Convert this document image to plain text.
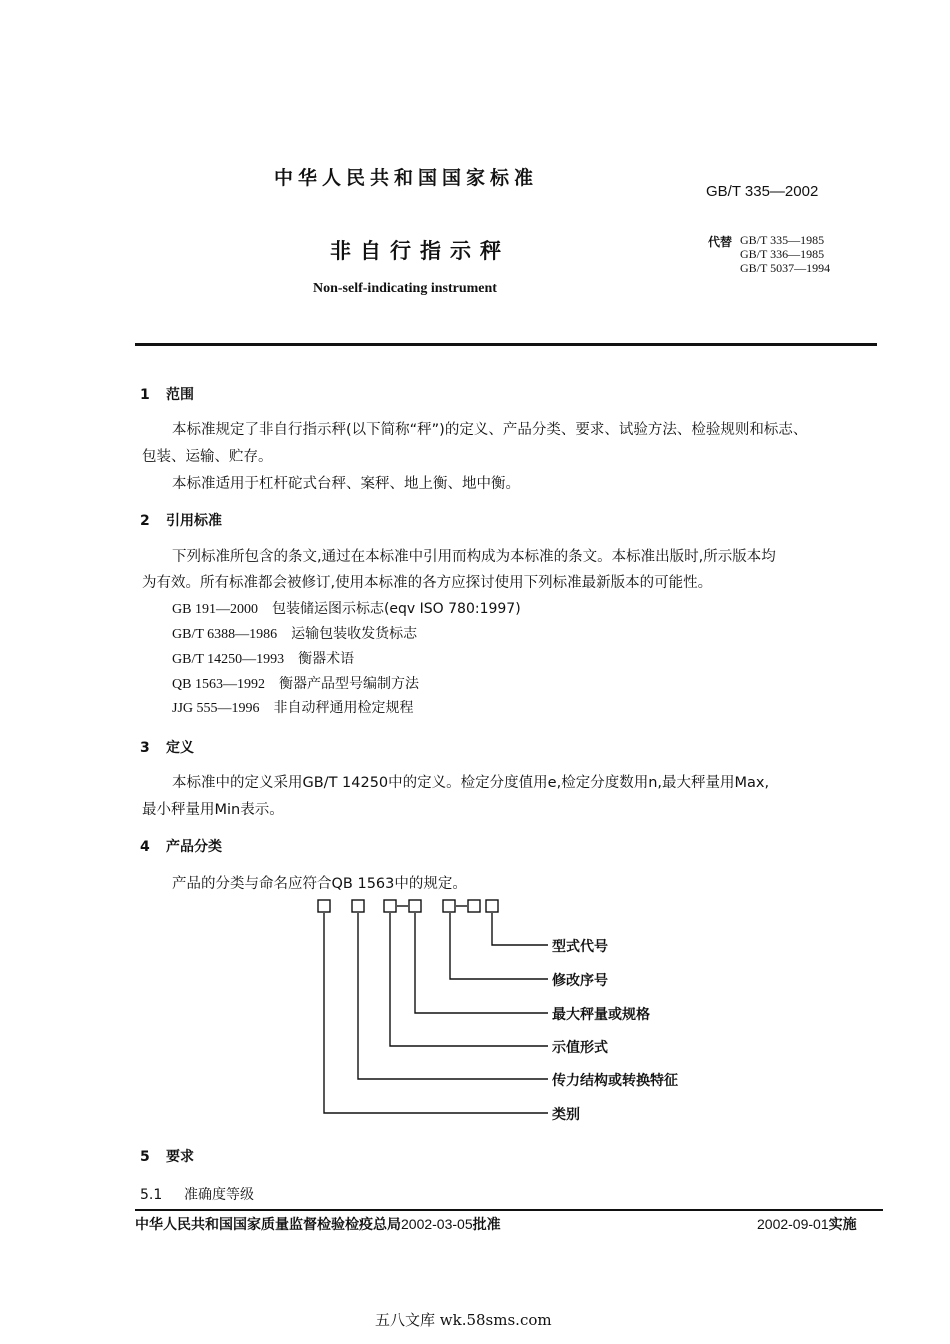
中华人民共和国国家标准
GB/T 335—2002
非自行指示秤
Non-self-indicating instrument
代替 GB/T 335—1985
GB/T 336—1985
GB/T 5037—1994
1 范围
本标准规定了非自行指示秤(以下简称“秤”)的定义、产品分类、要求、试验方法、检验规则和标志、
包装、运输、贮存。
本标准适用于杠杆砣式台秤、案秤、地上衡、地中衡。
2 引用标准
下列标准所包含的条文,通过在本标准中引用而构成为本标准的条文。本标准出版时,所示版本均
为有效。所有标准都会被修订,使用本标准的各方应探讨使用下列标准最新版本的可能性。
GB 191—2000 包装储运图示标志(eqv ISO 780:1997)
GB/T 6388—1986 运输包装收发货标志
GB/T 14250—1993 衡器术语
QB 1563—1992 衡器产品型号编制方法
JJG 555—1996 非自动秤通用检定规程
3 定义
本标准中的定义采用GB/T 14250中的定义。检定分度值用e,检定分度数用n,最大秤量用Max,
最小秤量用Min表示。
4 产品分类
产品的分类与命名应符合QB 1563中的规定。
型式代号
修改序号
最大秤量或规格
示值形式
传力结构或转换特征
类别
5 要求
5.1 准确度等级
中华人民共和国国家质量监督检验检疫总局2002-03-05批准	2002-09-01实施
五八文库 wk.58sms.com
